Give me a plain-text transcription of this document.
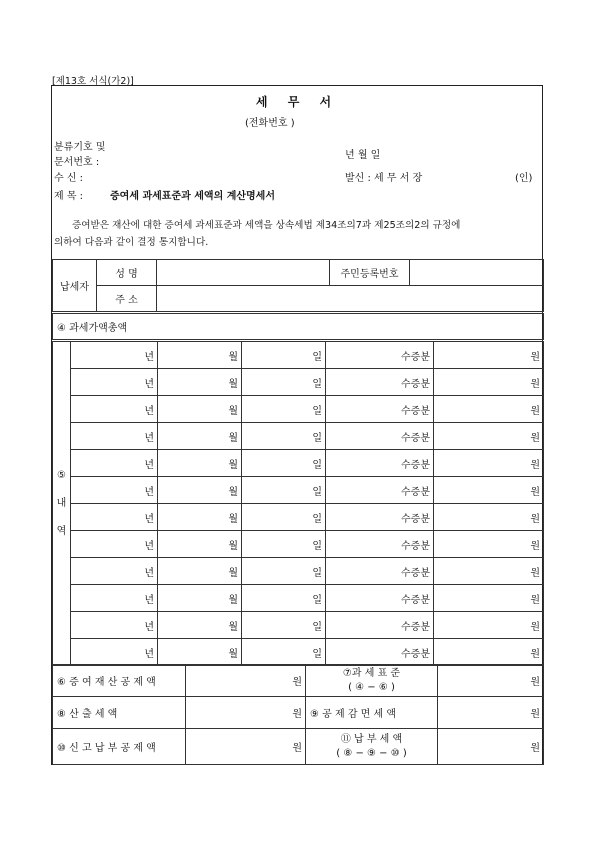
[제13호 서식(가2)]
세 무 서
(전화번호 )
분류기호 및
문서번호 :
년 월 일
수 신 :	발신 : 세 무 서 장	(인)
제 목 :	증여세 과세표준과 세액의 계산명세서
증여받은 재산에 대한 증여세 과세표준과 세액을 상속세법 제34조의7과 제25조의2의 규정에
의하여 다음과 같이 결정 통지합니다.
납세자	성 명		주민등록번호	
	주 소			
④ 과세가액총액
⑤
내
역	년	월	일	수증분	원
	년	월	일	수증분	원
	년	월	일	수증분	원
	년	월	일	수증분	원
	년	월	일	수증분	원
	년	월	일	수증분	원
	년	월	일	수증분	원
	년	월	일	수증분	원
	년	월	일	수증분	원
	년	월	일	수증분	원
	년	월	일	수증분	원
	년	월	일	수증분	원
⑥ 증 여 재 산 공 제 액	원	⑦과 세 표 준
( ④ − ⑥ )	원
⑧ 산 출 세 액	원	⑨ 공 제 감 면 세 액	원
⑩ 신 고 납 부 공 제 액	원	⑪ 납 부 세 액
( ⑧ − ⑨ − ⑩ )	원
